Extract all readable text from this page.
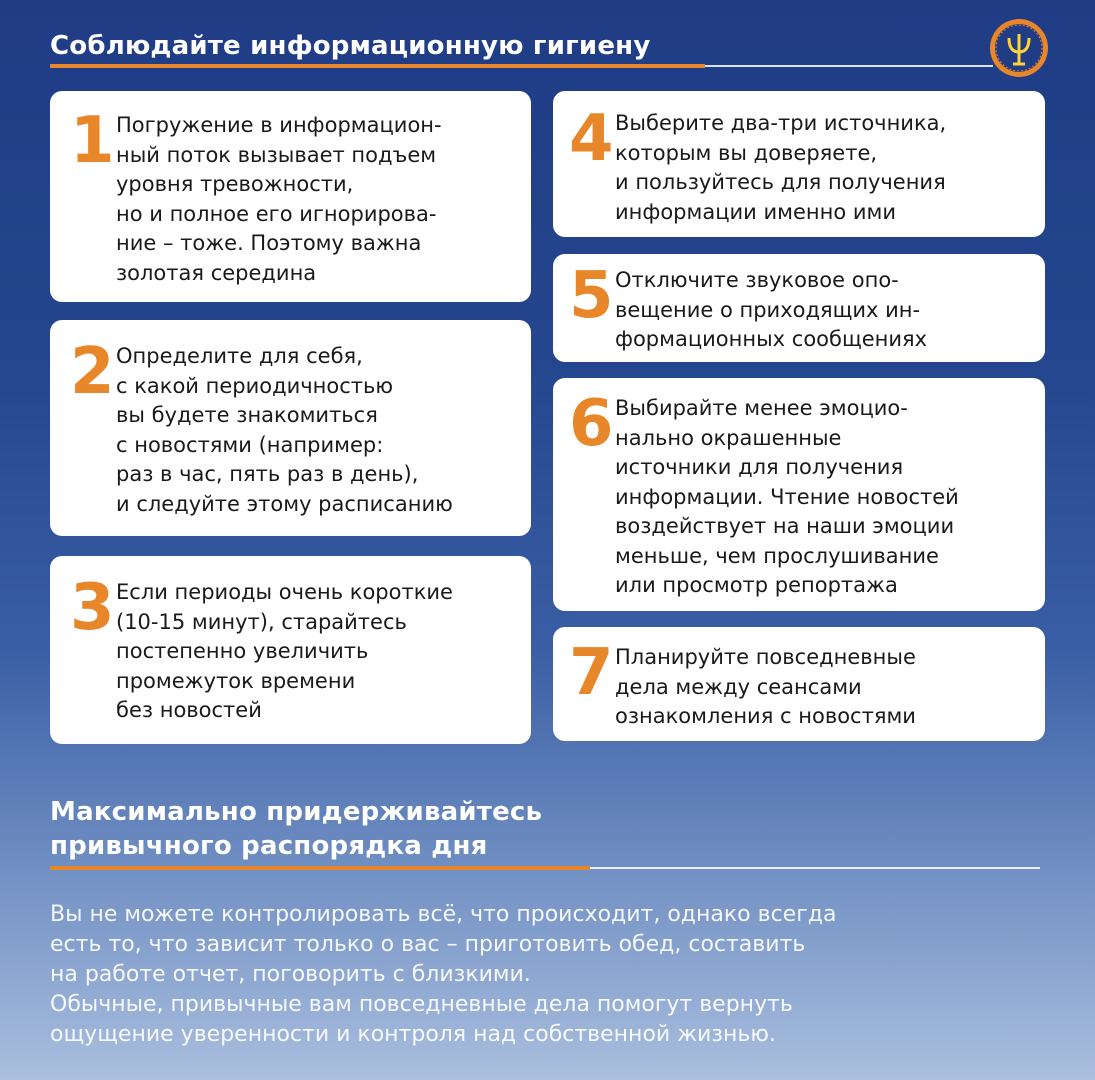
Соблюдайте информационную гигиену
1 Погружение в информацион-
ный поток вызывает подъем
уровня тревожности,
но и полное его игнорирова-
ние – тоже. Поэтому важна
золотая середина

2 Определите для себя,
с какой периодичностью
вы будете знакомиться
с новостями (например:
раз в час, пять раз в день),
и следуйте этому расписанию

3 Если периоды очень короткие
(10-15 минут), старайтесь
постепенно увеличить
промежуток времени
без новостей

4 Выберите два-три источника,
которым вы доверяете,
и пользуйтесь для получения
информации именно ими

5 Отключите звуковое опо-
вещение о приходящих ин-
формационных сообщениях

6 Выбирайте менее эмоцио-
нально окрашенные
источники для получения
информации. Чтение новостей
воздействует на наши эмоции
меньше, чем прослушивание
или просмотр репортажа

7 Планируйте повседневные
дела между сеансами
ознакомления с новостями

Максимально придерживайтесь
привычного распорядка дня

Вы не можете контролировать всё, что происходит, однако всегда
есть то, что зависит только о вас – приготовить обед, составить
на работе отчет, поговорить с близкими.
Обычные, привычные вам повседневные дела помогут вернуть
ощущение уверенности и контроля над собственной жизнью.
